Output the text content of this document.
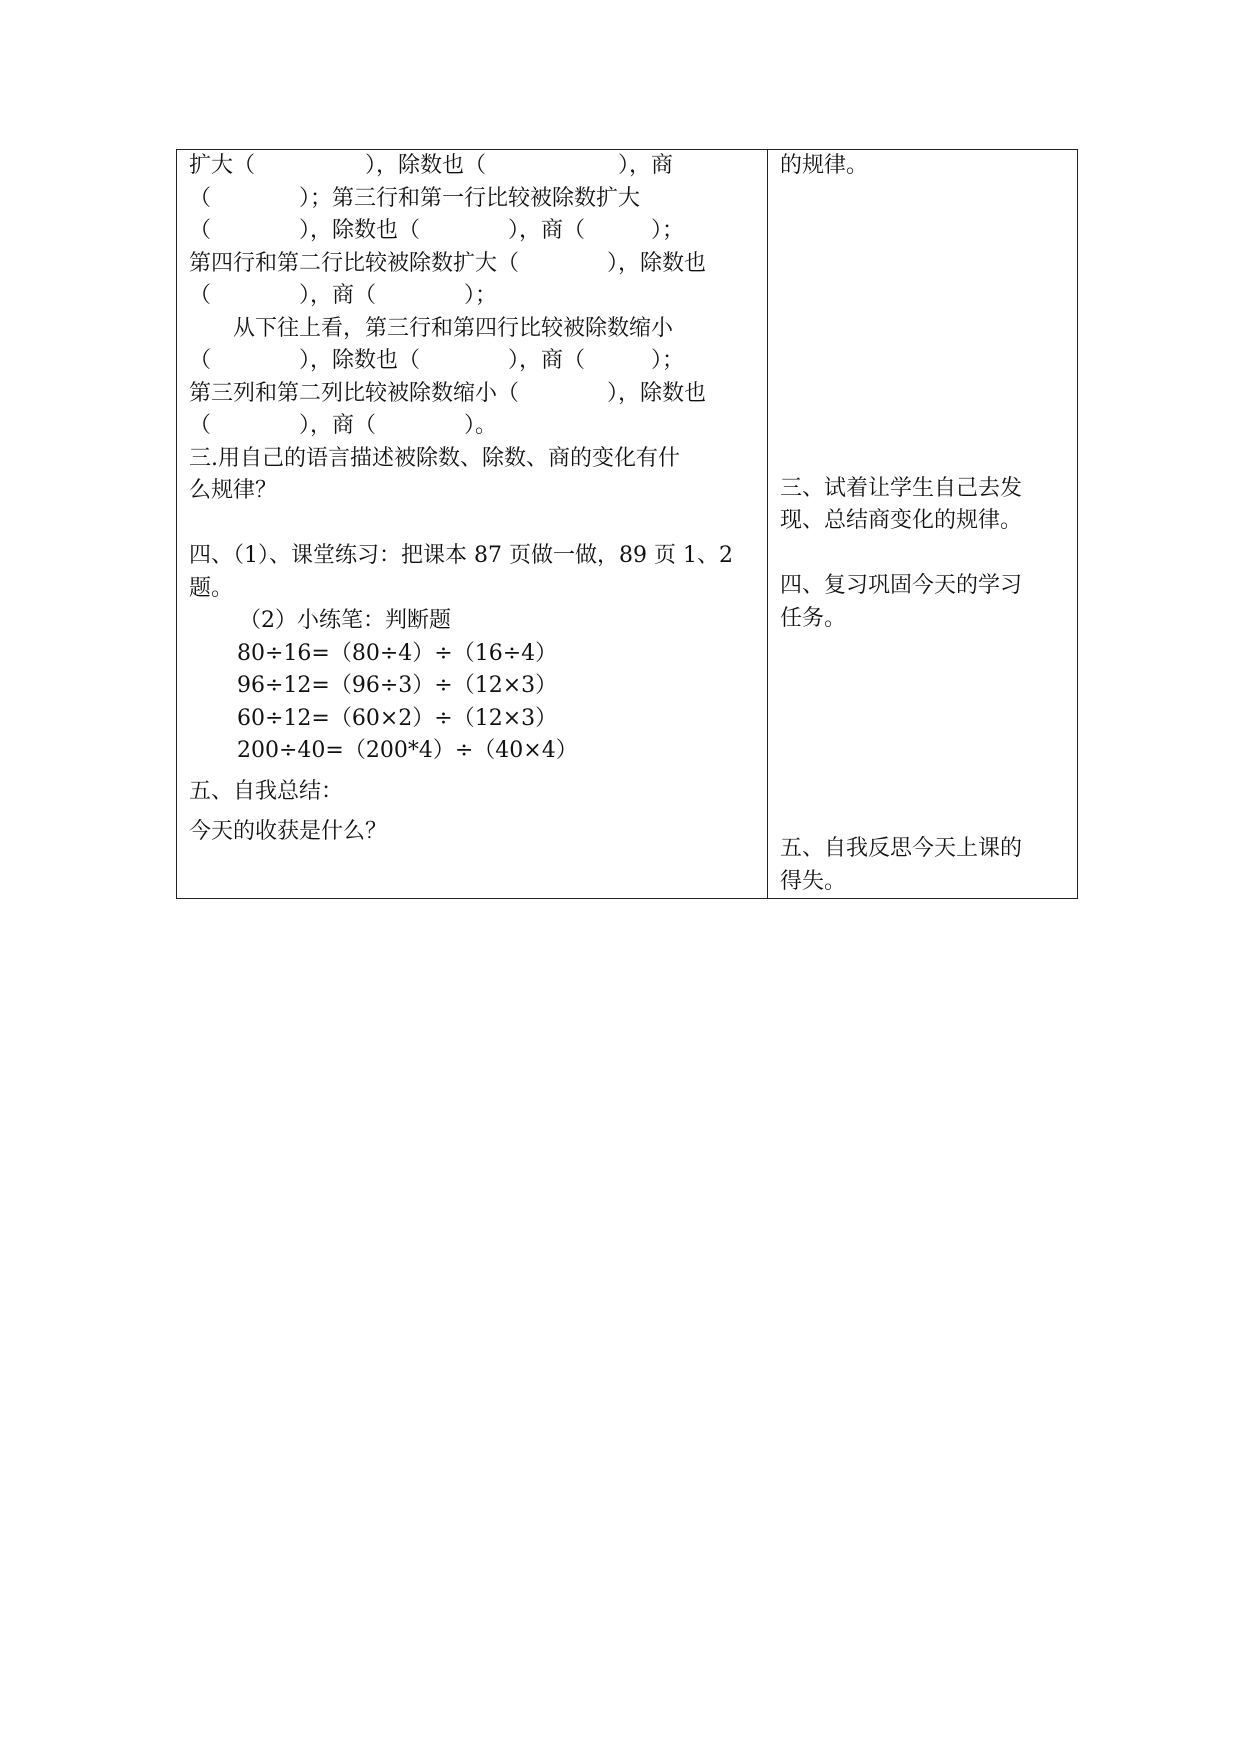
扩大（　　　　　），除数也（　　　　　　），商
（　　　　）；第三行和第一行比较被除数扩大
（　　　　），除数也（　　　　），商（　　　）；
第四行和第二行比较被除数扩大（　　　　），除数也
（　　　　），商（　　　　）；
　　从下往上看，第三行和第四行比较被除数缩小
（　　　　），除数也（　　　　），商（　　　）；
第三列和第二列比较被除数缩小（　　　　），除数也
（　　　　），商（　　　　）。
三.用自己的语言描述被除数、除数、商的变化有什
么规律？
四、（1）、课堂练习：把课本 87 页做一做，89 页 1、2
题。
（2）小练笔：判断题
80÷16=（80÷4）÷（16÷4）
96÷12=（96÷3）÷（12×3）
60÷12=（60×2）÷（12×3）
200÷40=（200*4）÷（40×4）
五、自我总结：
今天的收获是什么？

的规律。
三、试着让学生自己去发
现、总结商变化的规律。
四、复习巩固今天的学习
任务。
五、自我反思今天上课的
得失。
